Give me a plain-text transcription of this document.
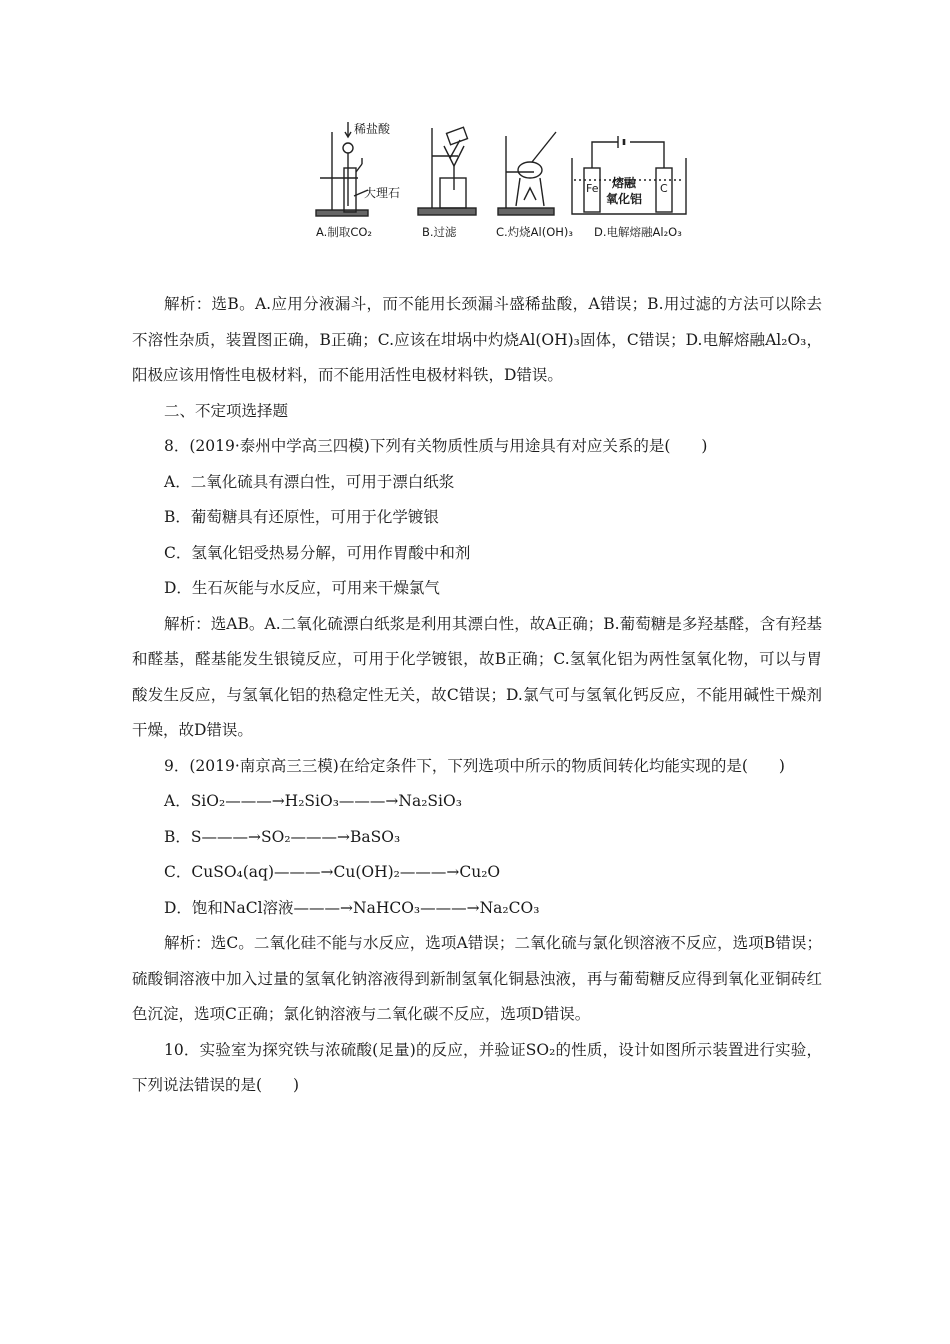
稀盐酸
大理石	Fe	C
熔融
氧化铝
A.制取CO₂	B.过滤	C.灼烧Al(OH)₃ D.电解熔融Al₂O₃

解析：选B。A.应用分液漏斗，而不能用长颈漏斗盛稀盐酸，A错误；B.用过滤的方法可以除去不溶性杂质，装置图正确，B正确；C.应该在坩埚中灼烧Al(OH)₃固体，C错误；D.电解熔融Al₂O₃，阳极应该用惰性电极材料，而不能用活性电极材料铁，D错误。

二、不定项选择题

8．(2019·泰州中学高三四模)下列有关物质性质与用途具有对应关系的是(　　)

A．二氧化硫具有漂白性，可用于漂白纸浆

B．葡萄糖具有还原性，可用于化学镀银

C．氢氧化铝受热易分解，可用作胃酸中和剂

D．生石灰能与水反应，可用来干燥氯气

解析：选AB。A.二氧化硫漂白纸浆是利用其漂白性，故A正确；B.葡萄糖是多羟基醛，含有羟基和醛基，醛基能发生银镜反应，可用于化学镀银，故B正确；C.氢氧化铝为两性氢氧化物，可以与胃酸发生反应，与氢氧化铝的热稳定性无关，故C错误；D.氯气可与氢氧化钙反应，不能用碱性干燥剂干燥，故D错误。

9．(2019·南京高三三模)在给定条件下，下列选项中所示的物质间转化均能实现的是(　　)

A．SiO₂———→H₂SiO₃———→Na₂SiO₃

B．S———→SO₂———→BaSO₃

C．CuSO₄(aq)———→Cu(OH)₂———→Cu₂O

D．饱和NaCl溶液———→NaHCO₃———→Na₂CO₃

解析：选C。二氧化硅不能与水反应，选项A错误；二氧化硫与氯化钡溶液不反应，选项B错误；硫酸铜溶液中加入过量的氢氧化钠溶液得到新制氢氧化铜悬浊液，再与葡萄糖反应得到氧化亚铜砖红色沉淀，选项C正确；氯化钠溶液与二氧化碳不反应，选项D错误。

10．实验室为探究铁与浓硫酸(足量)的反应，并验证SO₂的性质，设计如图所示装置进行实验，下列说法错误的是(　　)
